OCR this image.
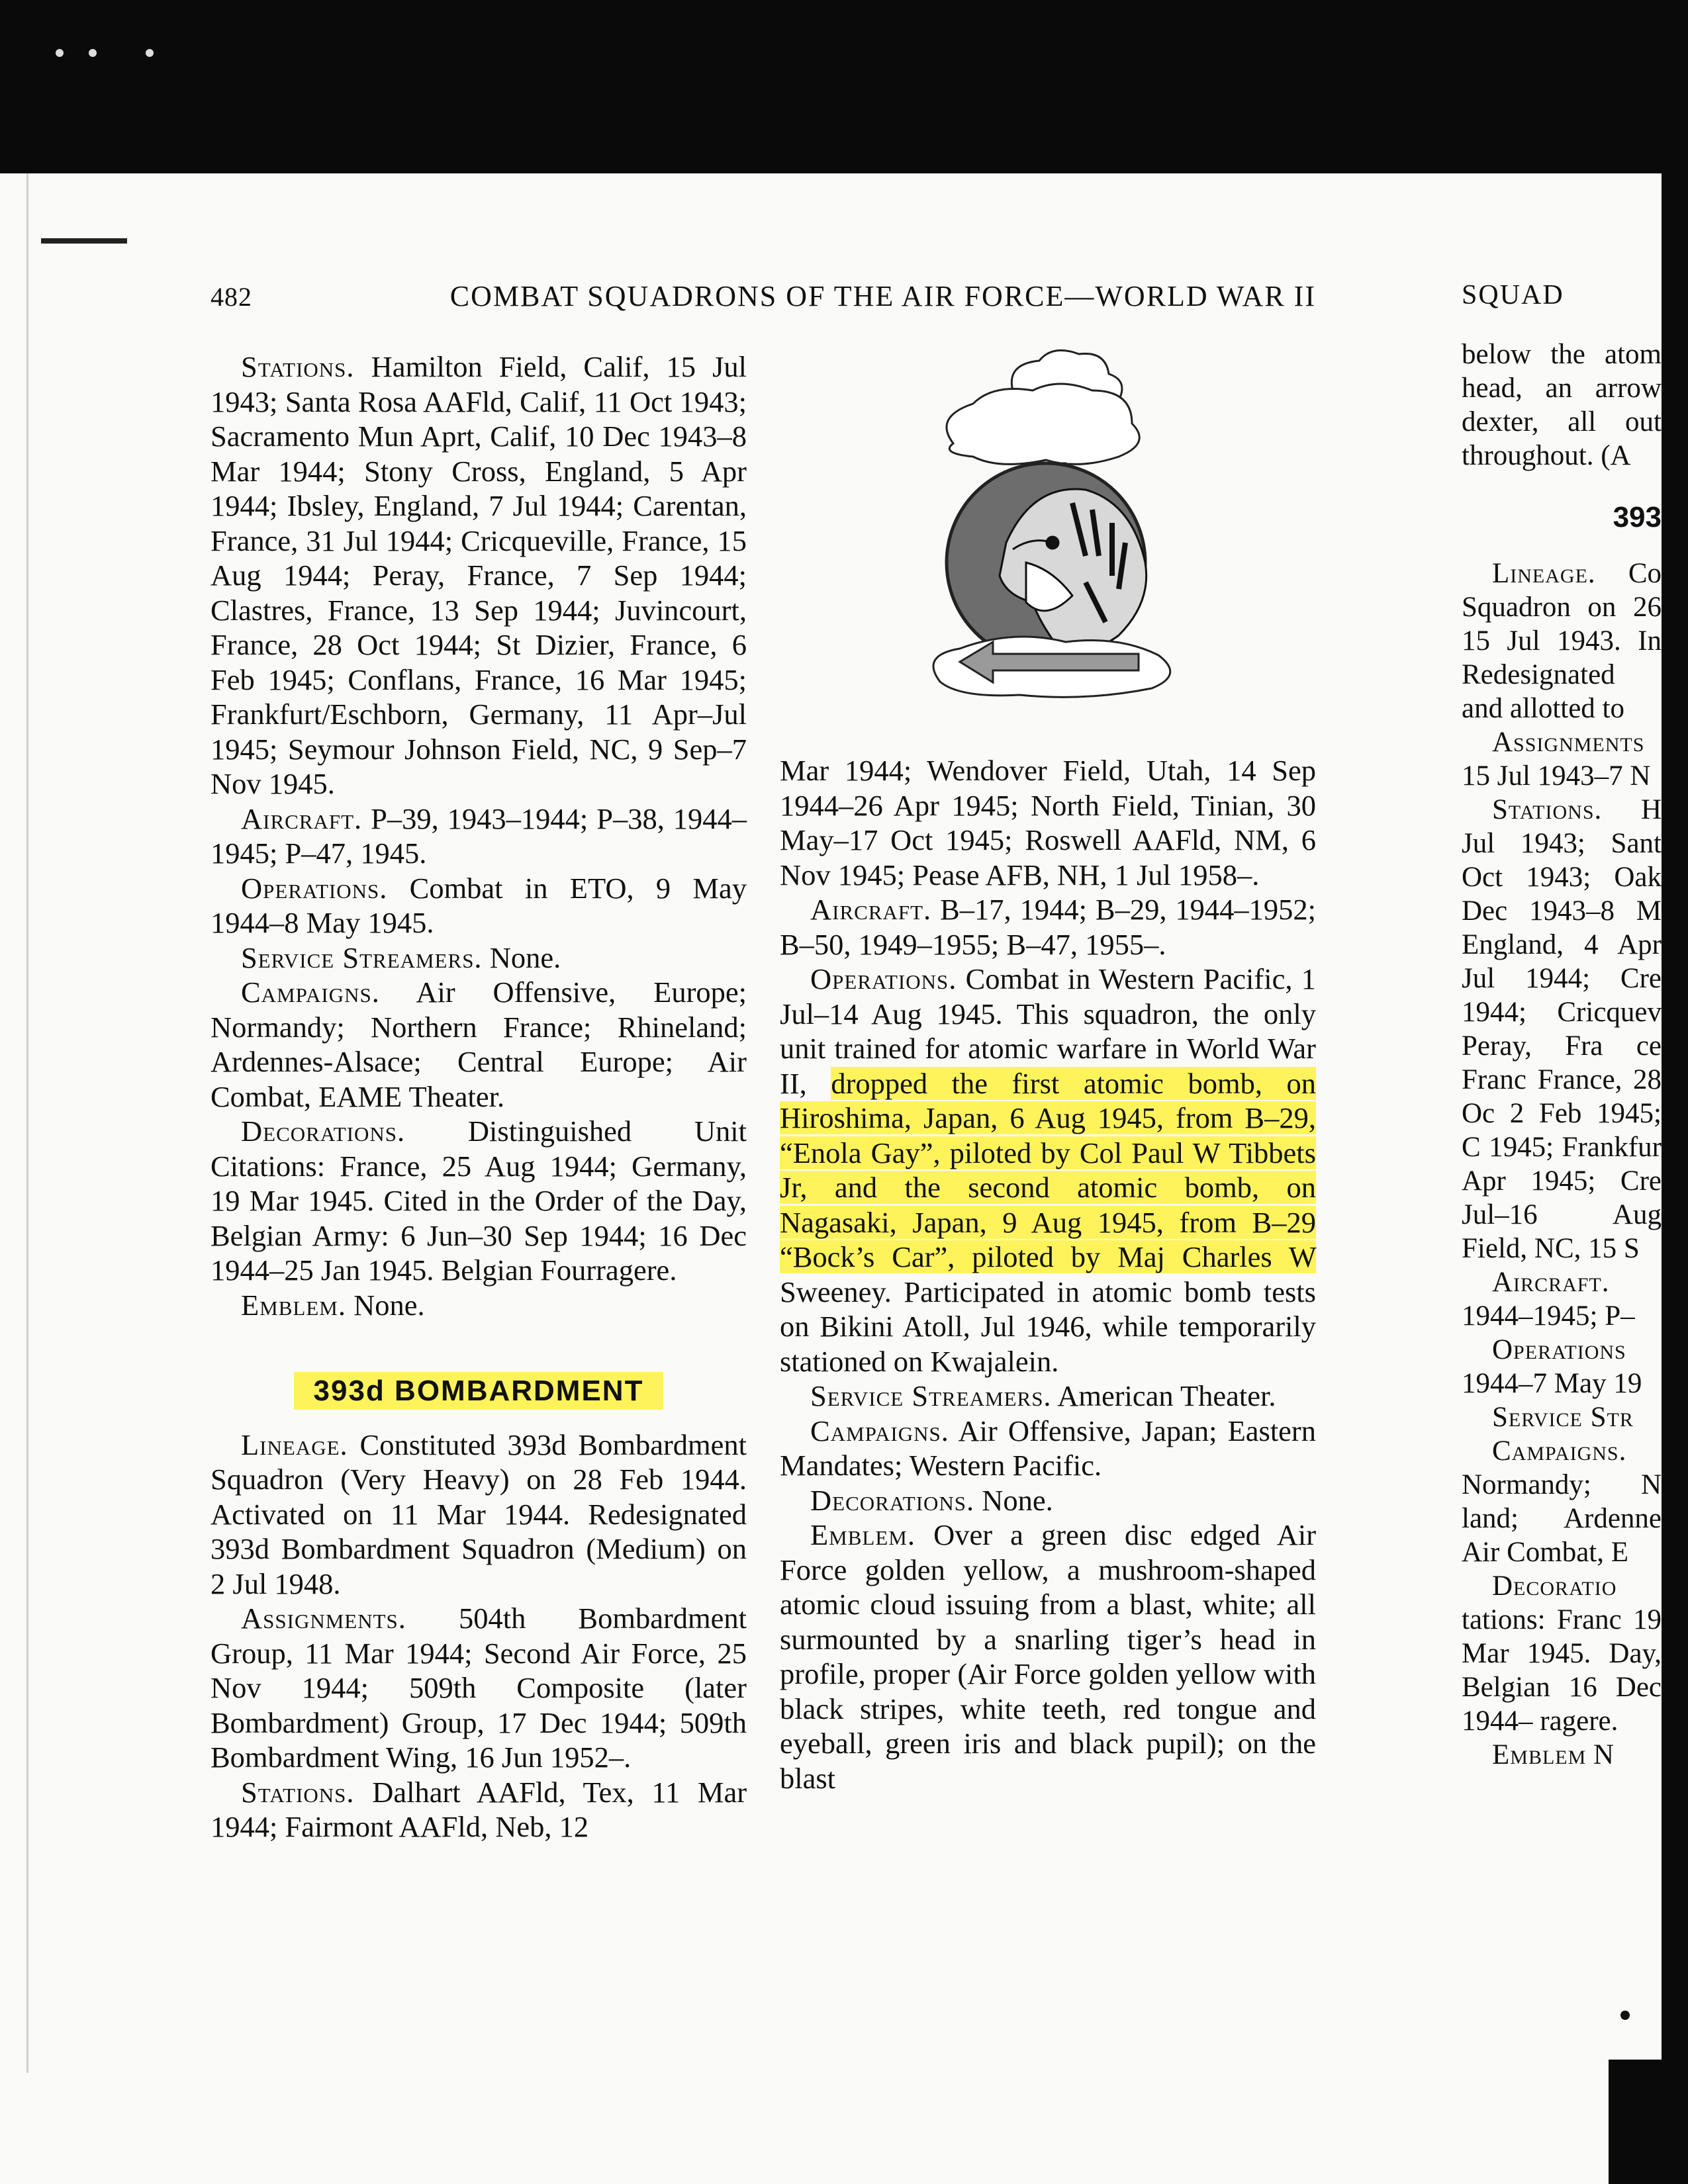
482	COMBAT SQUADRONS OF THE AIR FORCE—WORLD WAR II	SQUAD

Stations. Hamilton Field, Calif, 15 Jul 1943; Santa Rosa AAFld, Calif, 11 Oct 1943; Sacramento Mun Aprt, Calif, 10 Dec 1943–8 Mar 1944; Stony Cross, England, 5 Apr 1944; Ibsley, England, 7 Jul 1944; Carentan, France, 31 Jul 1944; Cricqueville, France, 15 Aug 1944; Peray, France, 7 Sep 1944; Clastres, France, 13 Sep 1944; Juvincourt, France, 28 Oct 1944; St Dizier, France, 6 Feb 1945; Conflans, France, 16 Mar 1945; Frankfurt/Eschborn, Germany, 11 Apr–Jul 1945; Seymour Johnson Field, NC, 9 Sep–7 Nov 1945.

Aircraft. P–39, 1943–1944; P–38, 1944–1945; P–47, 1945.

Operations. Combat in ETO, 9 May 1944–8 May 1945.

Service Streamers. None.

Campaigns. Air Offensive, Europe; Normandy; Northern France; Rhineland; Ardennes-Alsace; Central Europe; Air Combat, EAME Theater.

Decorations. Distinguished Unit Citations: France, 25 Aug 1944; Germany, 19 Mar 1945. Cited in the Order of the Day, Belgian Army: 6 Jun–30 Sep 1944; 16 Dec 1944–25 Jan 1945. Belgian Fourragere.

Emblem. None.

393d BOMBARDMENT

Lineage. Constituted 393d Bombardment Squadron (Very Heavy) on 28 Feb 1944. Activated on 11 Mar 1944. Redesignated 393d Bombardment Squadron (Medium) on 2 Jul 1948.

Assignments. 504th Bombardment Group, 11 Mar 1944; Second Air Force, 25 Nov 1944; 509th Composite (later Bombardment) Group, 17 Dec 1944; 509th Bombardment Wing, 16 Jun 1952–.

Stations. Dalhart AAFld, Tex, 11 Mar 1944; Fairmont AAFld, Neb, 12

Mar 1944; Wendover Field, Utah, 14 Sep 1944–26 Apr 1945; North Field, Tinian, 30 May–17 Oct 1945; Roswell AAFld, NM, 6 Nov 1945; Pease AFB, NH, 1 Jul 1958–.

Aircraft. B–17, 1944; B–29, 1944–1952; B–50, 1949–1955; B–47, 1955–.

Operations. Combat in Western Pacific, 1 Jul–14 Aug 1945. This squadron, the only unit trained for atomic warfare in World War II, dropped the first atomic bomb, on Hiroshima, Japan, 6 Aug 1945, from B–29, “Enola Gay”, piloted by Col Paul W Tibbets Jr, and the second atomic bomb, on Nagasaki, Japan, 9 Aug 1945, from B–29 “Bock’s Car”, piloted by Maj Charles W Sweeney. Participated in atomic bomb tests on Bikini Atoll, Jul 1946, while temporarily stationed on Kwajalein.

Service Streamers. American Theater.

Campaigns. Air Offensive, Japan; Eastern Mandates; Western Pacific.

Decorations. None.

Emblem. Over a green disc edged Air Force golden yellow, a mushroom-shaped atomic cloud issuing from a blast, white; all surmounted by a snarling tiger’s head in profile, proper (Air Force golden yellow with black stripes, white teeth, red tongue and eyeball, green iris and black pupil); on the blast

below the atom head, an arrow dexter, all out throughout. (A

393

Lineage. Co Squadron on 26 15 Jul 1943. In Redesignated and allotted to

Assignments 15 Jul 1943–7 N

Stations. H Jul 1943; Sant Oct 1943; Oak Dec 1943–8 M England, 4 Apr Jul 1944; Cre 1944; Cricquev Peray, Fra ce Franc France, 28 Oc 2 Feb 1945; C 1945; Frankfur Apr 1945; Cre Jul–16 Aug Field, NC, 15 S

Aircraft. 1944–1945; P–

Operations 1944–7 May 19

Service Str

Campaigns. Normandy; N land; Ardenne Air Combat, E

Decoratio tations: Franc 19 Mar 1945. Day, Belgian 16 Dec 1944– ragere.

Emblem N
